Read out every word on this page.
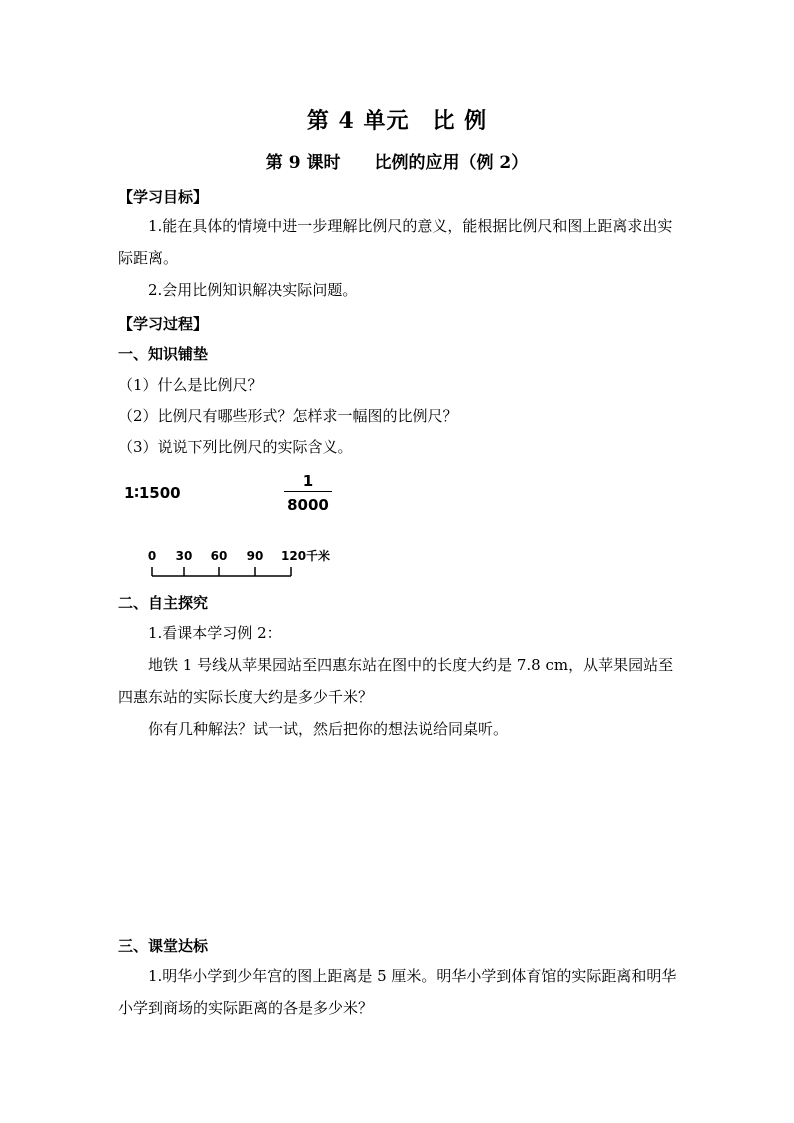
第 4 单元　比 例
第 9 课时　　比例的应用（例 2）
【学习目标】
1.能在具体的情境中进一步理解比例尺的意义，能根据比例尺和图上距离求出实际距离。
2.会用比例知识解决实际问题。
【学习过程】
一、知识铺垫
（1）什么是比例尺？
（2）比例尺有哪些形式？怎样求一幅图的比例尺？
（3）说说下列比例尺的实际含义。
1∶1500
1
8000
0 30 60 90 120千米
二、自主探究
1.看课本学习例 2：
地铁 1 号线从苹果园站至四惠东站在图中的长度大约是 7.8 cm，从苹果园站至四惠东站的实际长度大约是多少千米？
你有几种解法？试一试，然后把你的想法说给同桌听。
三、课堂达标
1.明华小学到少年宫的图上距离是 5 厘米。明华小学到体育馆的实际距离和明华小学到商场的实际距离的各是多少米？
